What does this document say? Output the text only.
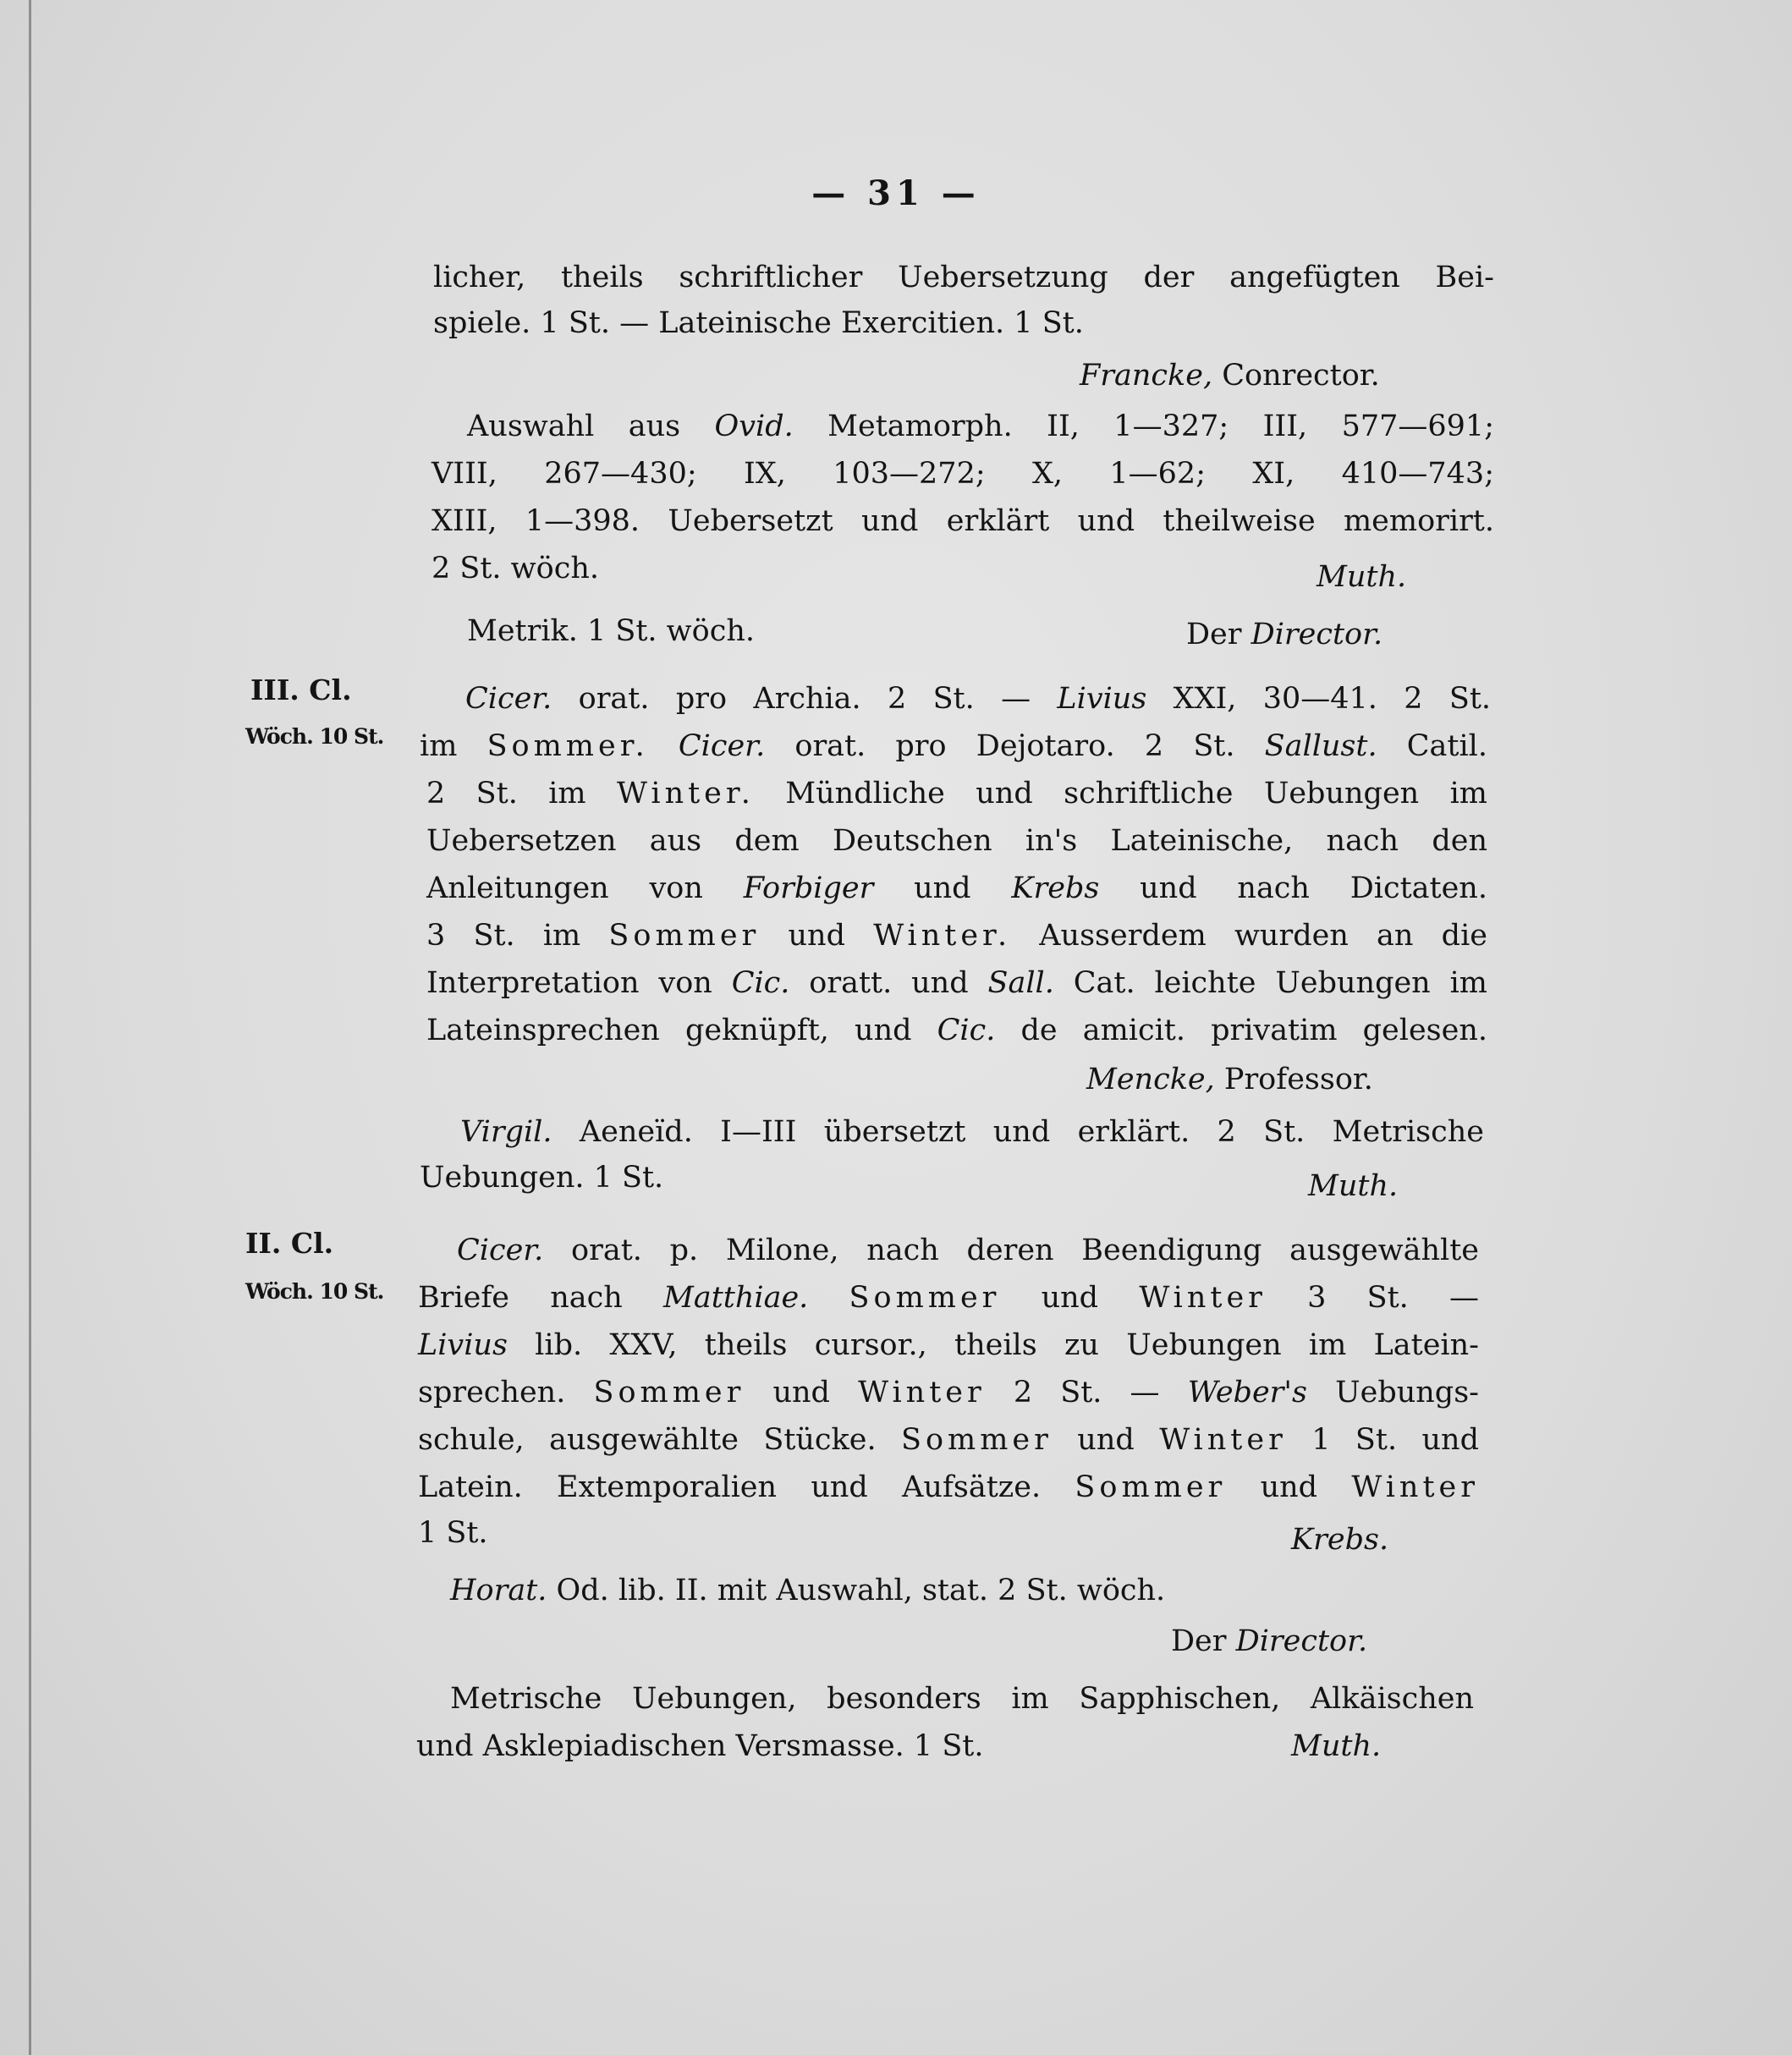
— 31 —
licher, theils schriftlicher Uebersetzung der angefügten Bei-
spiele. 1 St. — Lateinische Exercitien. 1 St.
Francke, Conrector.
Auswahl aus Ovid. Metamorph. II, 1—327; III, 577—691;
VIII, 267—430; IX, 103—272; X, 1—62; XI, 410—743;
XIII, 1—398. Uebersetzt und erklärt und theilweise memorirt.
2 St. wöch.	Muth.
Metrik. 1 St. wöch.	Der Director.
III. Cl.
Wöch. 10 St.
Cicer. orat. pro Archia. 2 St. — Livius XXI, 30—41. 2 St.
im Sommer. Cicer. orat. pro Dejotaro. 2 St. Sallust. Catil.
2 St. im Winter. Mündliche und schriftliche Uebungen im
Uebersetzen aus dem Deutschen in's Lateinische, nach den
Anleitungen von Forbiger und Krebs und nach Dictaten.
3 St. im Sommer und Winter. Ausserdem wurden an die
Interpretation von Cic. oratt. und Sall. Cat. leichte Uebungen im
Lateinsprechen geknüpft, und Cic. de amicit. privatim gelesen.
Mencke, Professor.
Virgil. Aeneïd. I—III übersetzt und erklärt. 2 St. Metrische
Uebungen. 1 St.	Muth.
II. Cl.
Wöch. 10 St.
Cicer. orat. p. Milone, nach deren Beendigung ausgewählte
Briefe nach Matthiae. Sommer und Winter 3 St. —
Livius lib. XXV, theils cursor., theils zu Uebungen im Latein-
sprechen. Sommer und Winter 2 St. — Weber's Uebungs-
schule, ausgewählte Stücke. Sommer und Winter 1 St. und
Latein. Extemporalien und Aufsätze. Sommer und Winter
1 St.	Krebs.
Horat. Od. lib. II. mit Auswahl, stat. 2 St. wöch.
Der Director.
Metrische Uebungen, besonders im Sapphischen, Alkäischen
und Asklepiadischen Versmasse. 1 St.	Muth.
